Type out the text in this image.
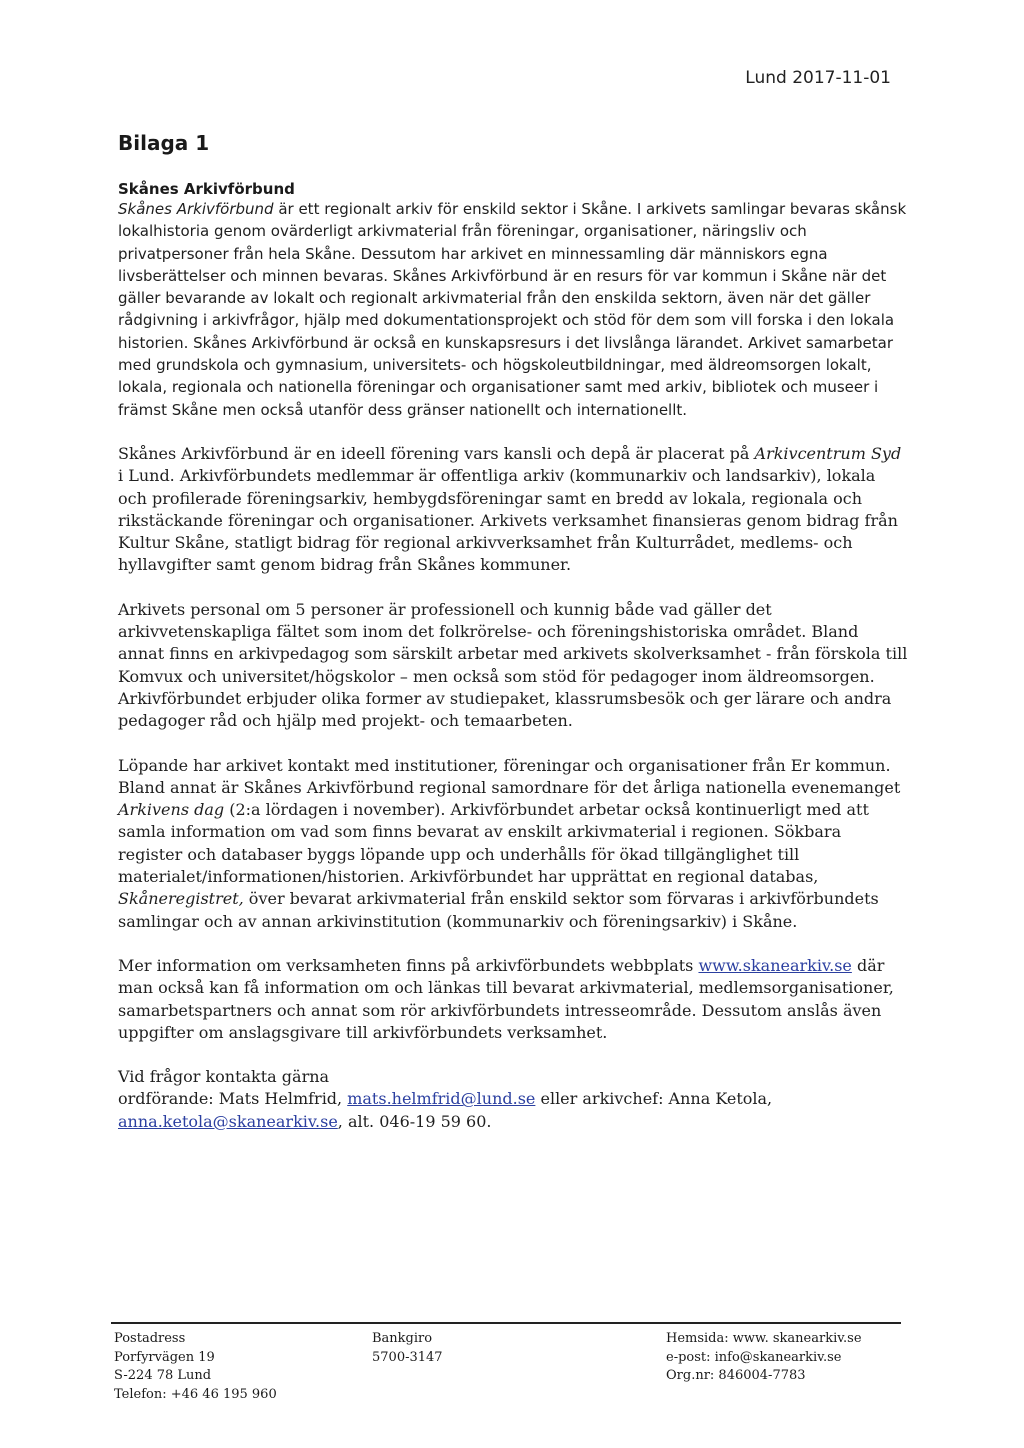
Lund 2017-11-01
Bilaga 1
Skånes Arkivförbund

Skånes Arkivförbund är ett regionalt arkiv för enskild sektor i Skåne. I arkivets samlingar bevaras skånsk lokalhistoria genom ovärderligt arkivmaterial från föreningar, organisationer, näringsliv och privatpersoner från hela Skåne. Dessutom har arkivet en minnessamling där människors egna livsberättelser och minnen bevaras. Skånes Arkivförbund är en resurs för var kommun i Skåne när det gäller bevarande av lokalt och regionalt arkivmaterial från den enskilda sektorn, även när det gäller rådgivning i arkivfrågor, hjälp med dokumentationsprojekt och stöd för dem som vill forska i den lokala historien. Skånes Arkivförbund är också en kunskapsresurs i det livslånga lärandet. Arkivet samarbetar med grundskola och gymnasium, universitets- och högskoleutbildningar, med äldreomsorgen lokalt, lokala, regionala och nationella föreningar och organisationer samt med arkiv, bibliotek och museer i främst Skåne men också utanför dess gränser nationellt och internationellt.

Skånes Arkivförbund är en ideell förening vars kansli och depå är placerat på Arkivcentrum Syd i Lund. Arkivförbundets medlemmar är offentliga arkiv (kommunarkiv och landsarkiv), lokala och profilerade föreningsarkiv, hembygdsföreningar samt en bredd av lokala, regionala och rikstäckande föreningar och organisationer. Arkivets verksamhet finansieras genom bidrag från Kultur Skåne, statligt bidrag för regional arkivverksamhet från Kulturrådet, medlems- och hyllavgifter samt genom bidrag från Skånes kommuner.

Arkivets personal om 5 personer är professionell och kunnig både vad gäller det arkivvetenskapliga fältet som inom det folkrörelse- och föreningshistoriska området. Bland annat finns en arkivpedagog som särskilt arbetar med arkivets skolverksamhet - från förskola till Komvux och universitet/högskolor – men också som stöd för pedagoger inom äldreomsorgen. Arkivförbundet erbjuder olika former av studiepaket, klassrumsbesök och ger lärare och andra pedagoger råd och hjälp med projekt- och temaarbeten.

Löpande har arkivet kontakt med institutioner, föreningar och organisationer från Er kommun. Bland annat är Skånes Arkivförbund regional samordnare för det årliga nationella evenemanget Arkivens dag (2:a lördagen i november). Arkivförbundet arbetar också kontinuerligt med att samla information om vad som finns bevarat av enskilt arkivmaterial i regionen. Sökbara register och databaser byggs löpande upp och underhålls för ökad tillgänglighet till materialet/informationen/historien. Arkivförbundet har upprättat en regional databas, Skåneregistret, över bevarat arkivmaterial från enskild sektor som förvaras i arkivförbundets samlingar och av annan arkivinstitution (kommunarkiv och föreningsarkiv) i Skåne.

Mer information om verksamheten finns på arkivförbundets webbplats www.skanearkiv.se där man också kan få information om och länkas till bevarat arkivmaterial, medlemsorganisationer, samarbetspartners och annat som rör arkivförbundets intresseområde. Dessutom anslås även uppgifter om anslagsgivare till arkivförbundets verksamhet.

Vid frågor kontakta gärna
ordförande: Mats Helmfrid, mats.helmfrid@lund.se eller arkivchef: Anna Ketola, anna.ketola@skanearkiv.se, alt. 046-19 59 60.

Postadress
Porfyrvägen 19
S-224 78 Lund
Telefon: +46 46 195 960
Bankgiro
5700-3147
Hemsida: www. skanearkiv.se
e-post: info@skanearkiv.se
Org.nr: 846004-7783
